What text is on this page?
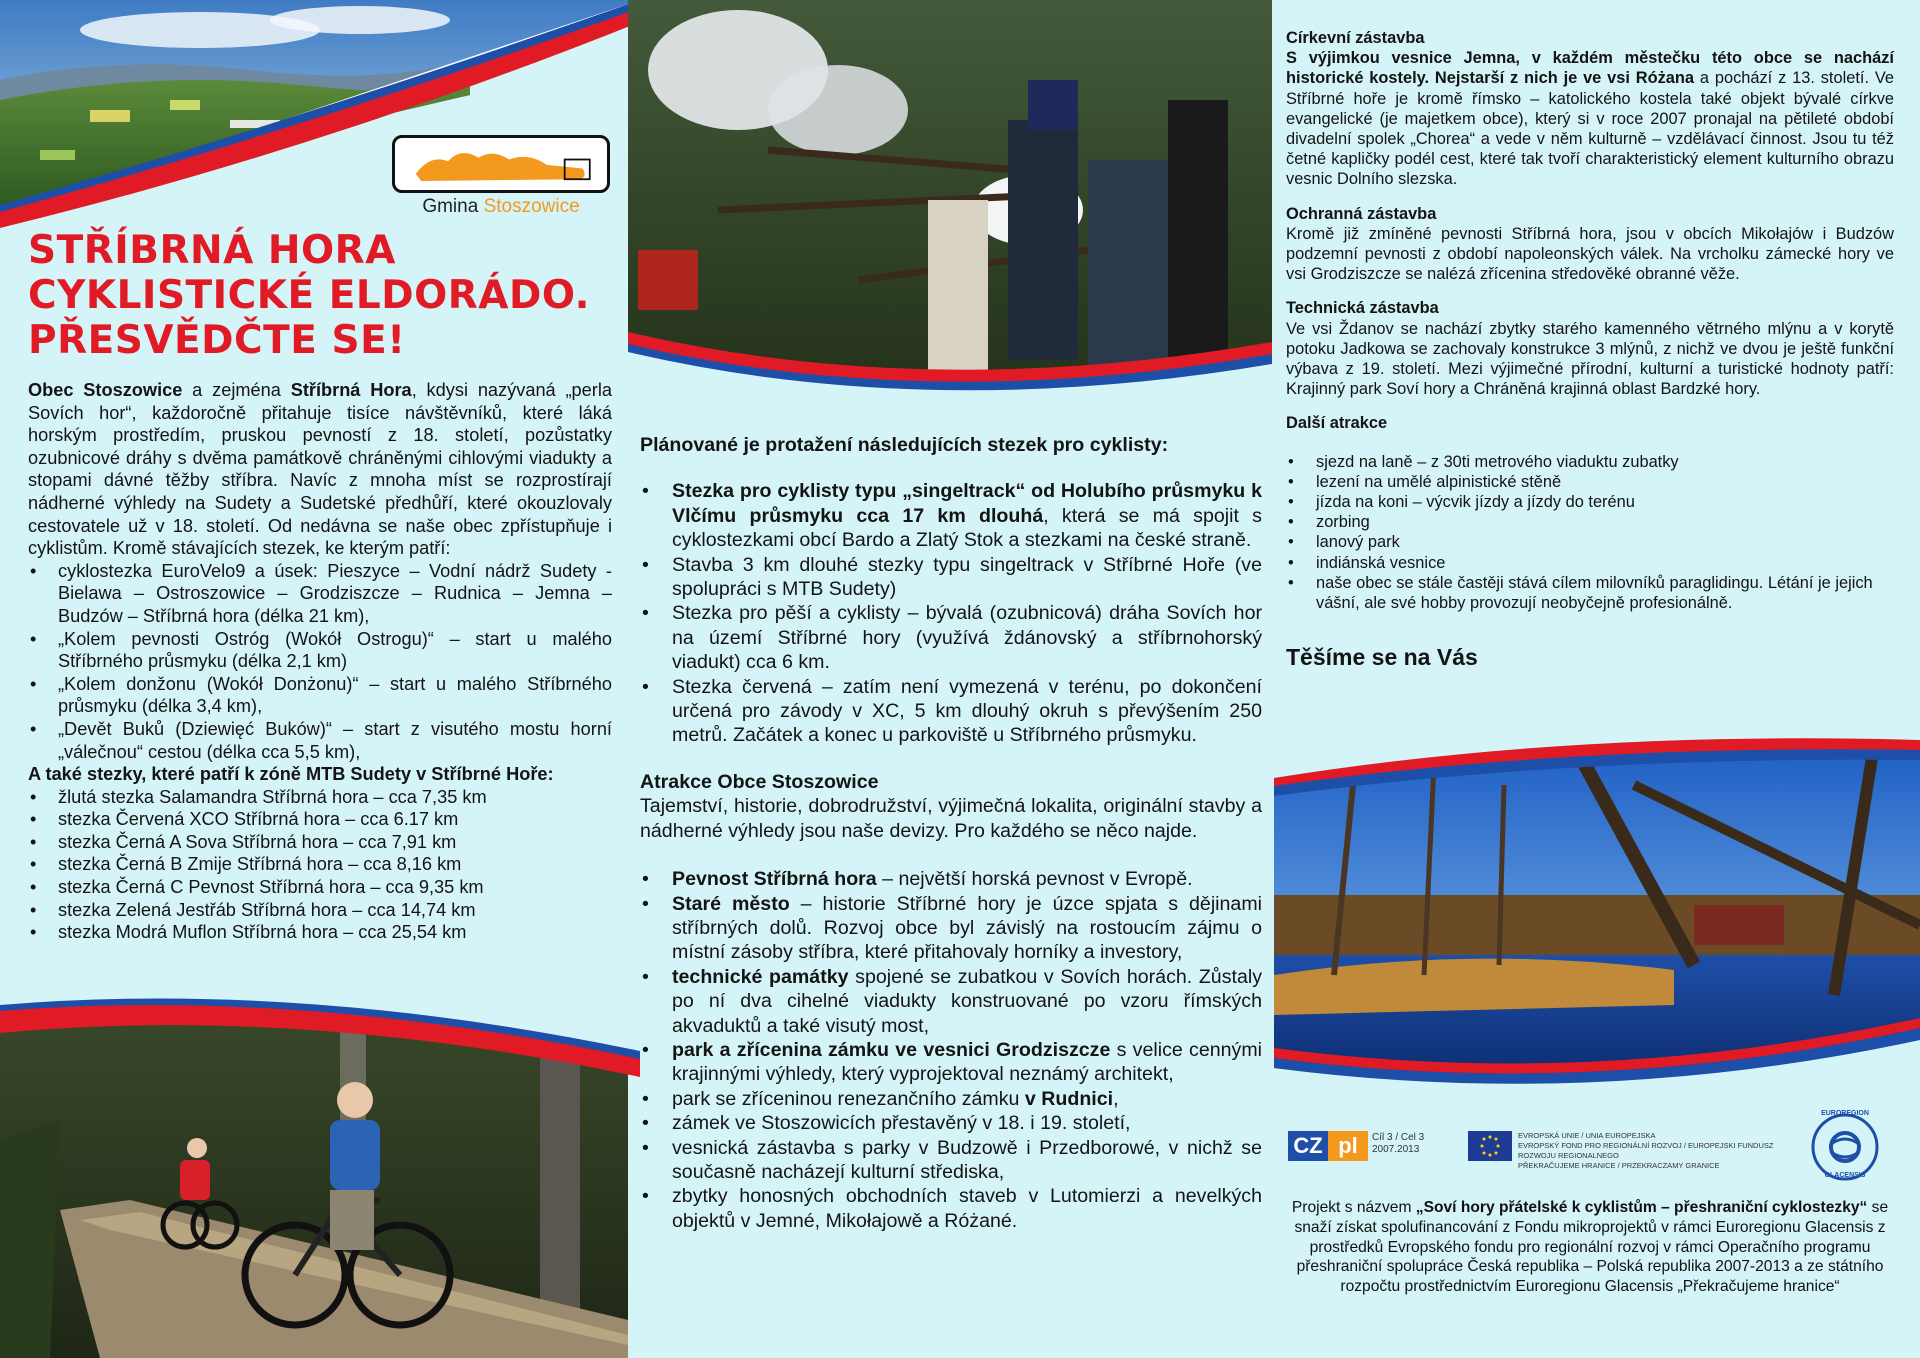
Gmina Stoszowice
STŘÍBRNÁ HORA
CYKLISTICKÉ ELDORÁDO.
PŘESVĚDČTE SE!

Obec Stoszowice a zejména Stříbrná Hora, kdysi nazývaná „perla Sovích hor“, každoročně přitahuje tisíce návštěvníků, které láká horským prostředím, pruskou pevností z 18. století, pozůstatky ozubnicové dráhy s dvěma památkově chráněnými cihlovými viadukty a stopami dávné těžby stříbra. Navíc z mnoha míst se rozprostírají nádherné výhledy na Sudety a Sudetské předhůří, které okouzlovaly cestovatele už v 18. století. Od nedávna se naše obec zpřístupňuje i cyklistům. Kromě stávajících stezek, ke kterým patří:

• cyklostezka EuroVelo9 a úsek: Pieszyce – Vodní nádrž Sudety - Bielawa – Ostroszowice – Grodziszcze – Rudnica – Jemna – Budzów – Stříbrná hora (délka 21 km),
• „Kolem pevnosti Ostróg (Wokół Ostrogu)“ – start u malého Stříbrného průsmyku (délka 2,1 km)
• „Kolem donžonu (Wokół Donżonu)“ – start u malého Stříbrného průsmyku (délka 3,4 km),
• „Devět Buků (Dziewięć Buków)“ – start z visutého mostu horní „válečnou“ cestou (délka cca 5,5 km),

A také stezky, které patří k zóně MTB Sudety v Stříbrné Hoře:

• žlutá stezka Salamandra Stříbrná hora – cca 7,35 km
• stezka Červená XCO Stříbrná hora – cca 6.17 km
• stezka Černá A Sova Stříbrná hora – cca 7,91 km
• stezka Černá B Zmije Stříbrná hora – cca 8,16 km
• stezka Černá C Pevnost Stříbrná hora – cca 9,35 km
• stezka Zelená Jestřáb Stříbrná hora – cca 14,74 km
• stezka Modrá Muflon Stříbrná hora – cca 25,54 km

Plánované je protažení následujících stezek pro cyklisty:

• Stezka pro cyklisty typu „singeltrack“ od Holubího průsmyku k Vlčímu průsmyku cca 17 km dlouhá, která se má spojit s cyklostezkami obcí Bardo a Zlatý Stok a stezkami na české straně.
• Stavba 3 km dlouhé stezky typu singeltrack v Stříbrné Hoře (ve spolupráci s MTB Sudety)
• Stezka pro pěší a cyklisty – bývalá (ozubnicová) dráha Sovích hor na území Stříbrné hory (využívá ždánovský a stříbrnohorský viadukt) cca 6 km.
• Stezka červená – zatím není vymezená v terénu, po dokončení určená pro závody v XC, 5 km dlouhý okruh s převýšením 250 metrů. Začátek a konec u parkoviště u Stříbrného průsmyku.

Atrakce Obce Stoszowice

Tajemství, historie, dobrodružství, výjimečná lokalita, originální stavby a nádherné výhledy jsou naše devizy. Pro každého se něco najde.

• Pevnost Stříbrná hora – největší horská pevnost v Evropě.
• Staré město – historie Stříbrné hory je úzce spjata s dějinami stříbrných dolů. Rozvoj obce byl závislý na rostoucím zájmu o místní zásoby stříbra, které přitahovaly horníky a investory,
• technické památky spojené se zubatkou v Sovích horách. Zůstaly po ní dva cihelné viadukty konstruované po vzoru římských akvaduktů a také visutý most,
• park a zřícenina zámku ve vesnici Grodziszcze s velice cennými krajinnými výhledy, který vyprojektoval neznámý architekt,
• park se zříceninou renezančního zámku v Rudnici,
• zámek ve Stoszowicích přestavěný v 18. i 19. století,
• vesnická zástavba s parky v Budzowě i Przedborowé, v nichž se současně nacházejí kulturní střediska,
• zbytky honosných obchodních staveb v Lutomierzi a nevelkých objektů v Jemné, Mikołajowě a Różané.

Církevní zástavba

S výjimkou vesnice Jemna, v každém městečku této obce se nachází historické kostely. Nejstarší z nich je ve vsi Różana a pochází z 13. století. Ve Stříbrné hoře je kromě římsko – katolického kostela také objekt bývalé církve evangelické (je majetkem obce), který si v roce 2007 pronajal na pětileté období divadelní spolek „Chorea“ a vede v něm kulturně – vzdělávací činnost. Jsou tu též četné kapličky podél cest, které tak tvoří charakteristický element kulturního obrazu vesnic Dolního slezska.

Ochranná zástavba

Kromě již zmíněné pevnosti Stříbrná hora, jsou v obcích Mikołajów i Budzów podzemní pevnosti z období napoleonských válek. Na vrcholku zámecké hory ve vsi Grodziszcze se nalézá zřícenina středověké obranné věže.

Technická zástavba

Ve vsi Ždanov se nachází zbytky starého kamenného větrného mlýnu a v korytě potoku Jadkowa se zachovaly konstrukce 3 mlýnů, z nichž ve dvou je ještě funkční výbava z 19. století. Mezi výjimečné přírodní, kulturní a turistické hodnoty patří: Krajinný park Soví hory a Chráněná krajinná oblast Bardzké hory.

Další atrakce

• sjezd na laně – z 30ti metrového viaduktu zubatky
• lezení na umělé alpinistické stěně
• jízda na koni – výcvik jízdy a jízdy do terénu
• zorbing
• lanový park
• indiánská vesnice
• naše obec se stále častěji stává cílem milovníků paraglidingu. Létání je jejich vášní, ale své hobby provozují neobyčejně profesionálně.

Těšíme se na Vás

CZ pl	Cíl 3 / Cel 3
2007.2013
EVROPSKÁ UNIE / UNIA EUROPEJSKA
EVROPSKÝ FOND PRO REGIONÁLNÍ ROZVOJ / EUROPEJSKI FUNDUSZ ROZWOJU REGIONALNEGO
PŘEKRAČUJEME HRANICE / PRZEKRACZAMY GRANICE
EUROREGION
GLACENSIS
Projekt s názvem „Soví hory přátelské k cyklistům – přeshraniční cyklostezky“ se snaží získat spolufinancování z Fondu mikroprojektů v rámci Euroregionu Glacensis z prostředků Evropského fondu pro regionální rozvoj v rámci Operačního programu přeshraniční spolupráce Česká republika – Polská republika 2007-2013 a ze státního rozpočtu prostřednictvím Euroregionu Glacensis „Překračujeme hranice“
